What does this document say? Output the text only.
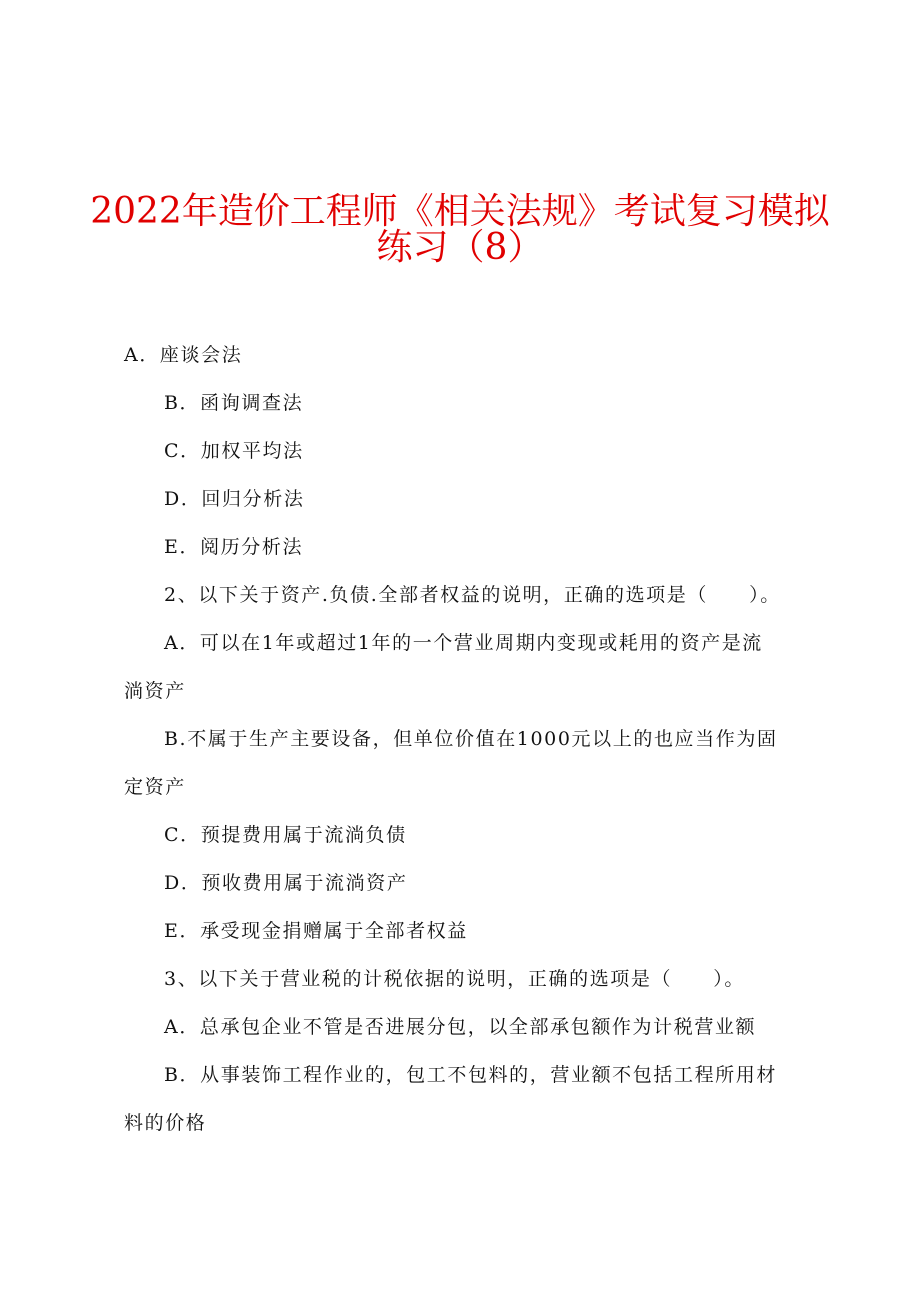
2022年造价工程师《相关法规》考试复习模拟
练习（8）

A．座谈会法

B．函询调查法

C．加权平均法

D．回归分析法

E．阅历分析法

2、以下关于资产.负债.全部者权益的说明，正确的选项是（　　）。

A．可以在1年或超过1年的一个营业周期内变现或耗用的资产是流

淌资产

B.不属于生产主要设备，但单位价值在1000元以上的也应当作为固

定资产

C．预提费用属于流淌负债

D．预收费用属于流淌资产

E．承受现金捐赠属于全部者权益

3、以下关于营业税的计税依据的说明，正确的选项是（　　）。

A．总承包企业不管是否进展分包，以全部承包额作为计税营业额

B．从事装饰工程作业的，包工不包料的，营业额不包括工程所用材

料的价格
